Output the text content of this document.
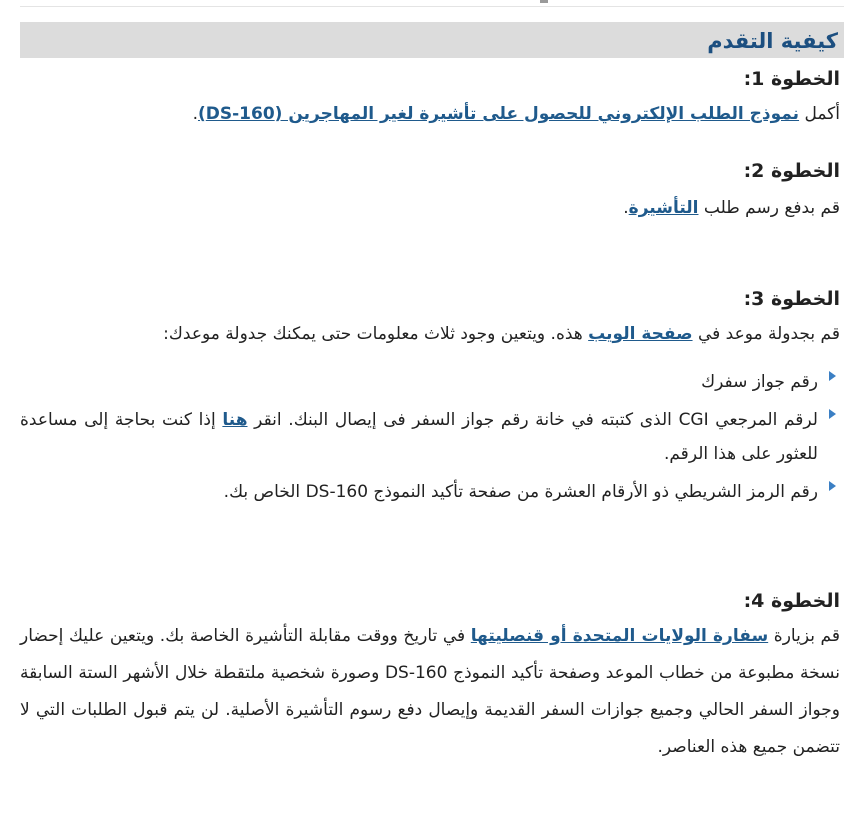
كيفية التقدم
الخطوة 1:
أكمل نموذج الطلب الإلكتروني للحصول على تأشيرة لغير المهاجرين (DS-160).
الخطوة 2:
قم بدفع رسم طلب التأشيرة.
الخطوة 3:
قم بجدولة موعد في صفحة الويب هذه. ويتعين وجود ثلاث معلومات حتى يمكنك جدولة موعدك:
رقم جواز سفرك
لرقم المرجعي CGI الذى كتبته في خانة رقم جواز السفر فى إيصال البنك. انقر هنا إذا كنت بحاجة إلى مساعدة للعثور على هذا الرقم.
رقم الرمز الشريطي ذو الأرقام العشرة من صفحة تأكيد النموذج DS-160 الخاص بك.
الخطوة 4:
قم بزيارة سفارة الولايات المتحدة أو قنصليتها في تاريخ ووقت مقابلة التأشيرة الخاصة بك. ويتعين عليك إحضار نسخة مطبوعة من خطاب الموعد وصفحة تأكيد النموذج DS-160 وصورة شخصية ملتقطة خلال الأشهر الستة السابقة وجواز السفر الحالي وجميع جوازات السفر القديمة وإيصال دفع رسوم التأشيرة الأصلية. لن يتم قبول الطلبات التي لا تتضمن جميع هذه العناصر.
